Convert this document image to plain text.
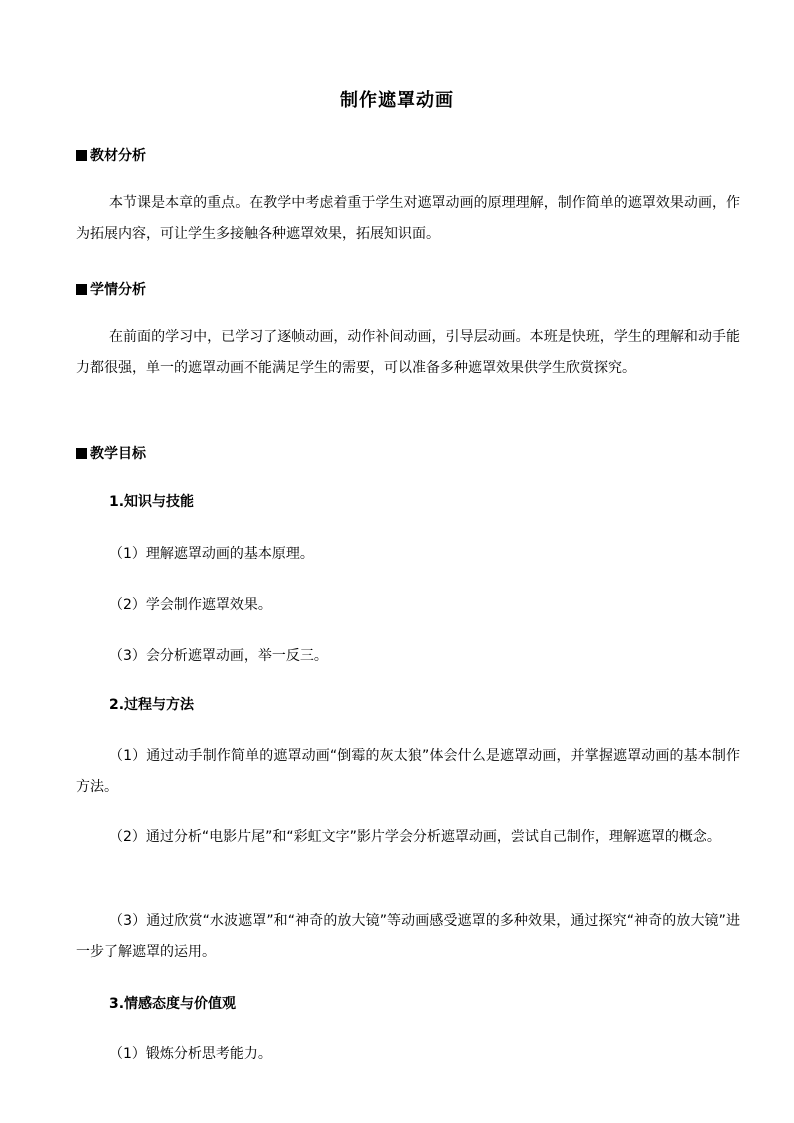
制作遮罩动画
教材分析
本节课是本章的重点。在教学中考虑着重于学生对遮罩动画的原理理解，制作简单的遮罩效果动画，作为拓展内容，可让学生多接触各种遮罩效果，拓展知识面。
学情分析
在前面的学习中，已学习了逐帧动画，动作补间动画，引导层动画。本班是快班，学生的理解和动手能力都很强，单一的遮罩动画不能满足学生的需要，可以准备多种遮罩效果供学生欣赏探究。
教学目标
1.知识与技能
（1）理解遮罩动画的基本原理。
（2）学会制作遮罩效果。
（3）会分析遮罩动画，举一反三。
2.过程与方法
（1）通过动手制作简单的遮罩动画“倒霉的灰太狼”体会什么是遮罩动画，并掌握遮罩动画的基本制作方法。
（2）通过分析“电影片尾”和“彩虹文字”影片学会分析遮罩动画，尝试自己制作，理解遮罩的概念。
（3）通过欣赏“水波遮罩”和“神奇的放大镜”等动画感受遮罩的多种效果，通过探究“神奇的放大镜”进一步了解遮罩的运用。
3.情感态度与价值观
（1）锻炼分析思考能力。
